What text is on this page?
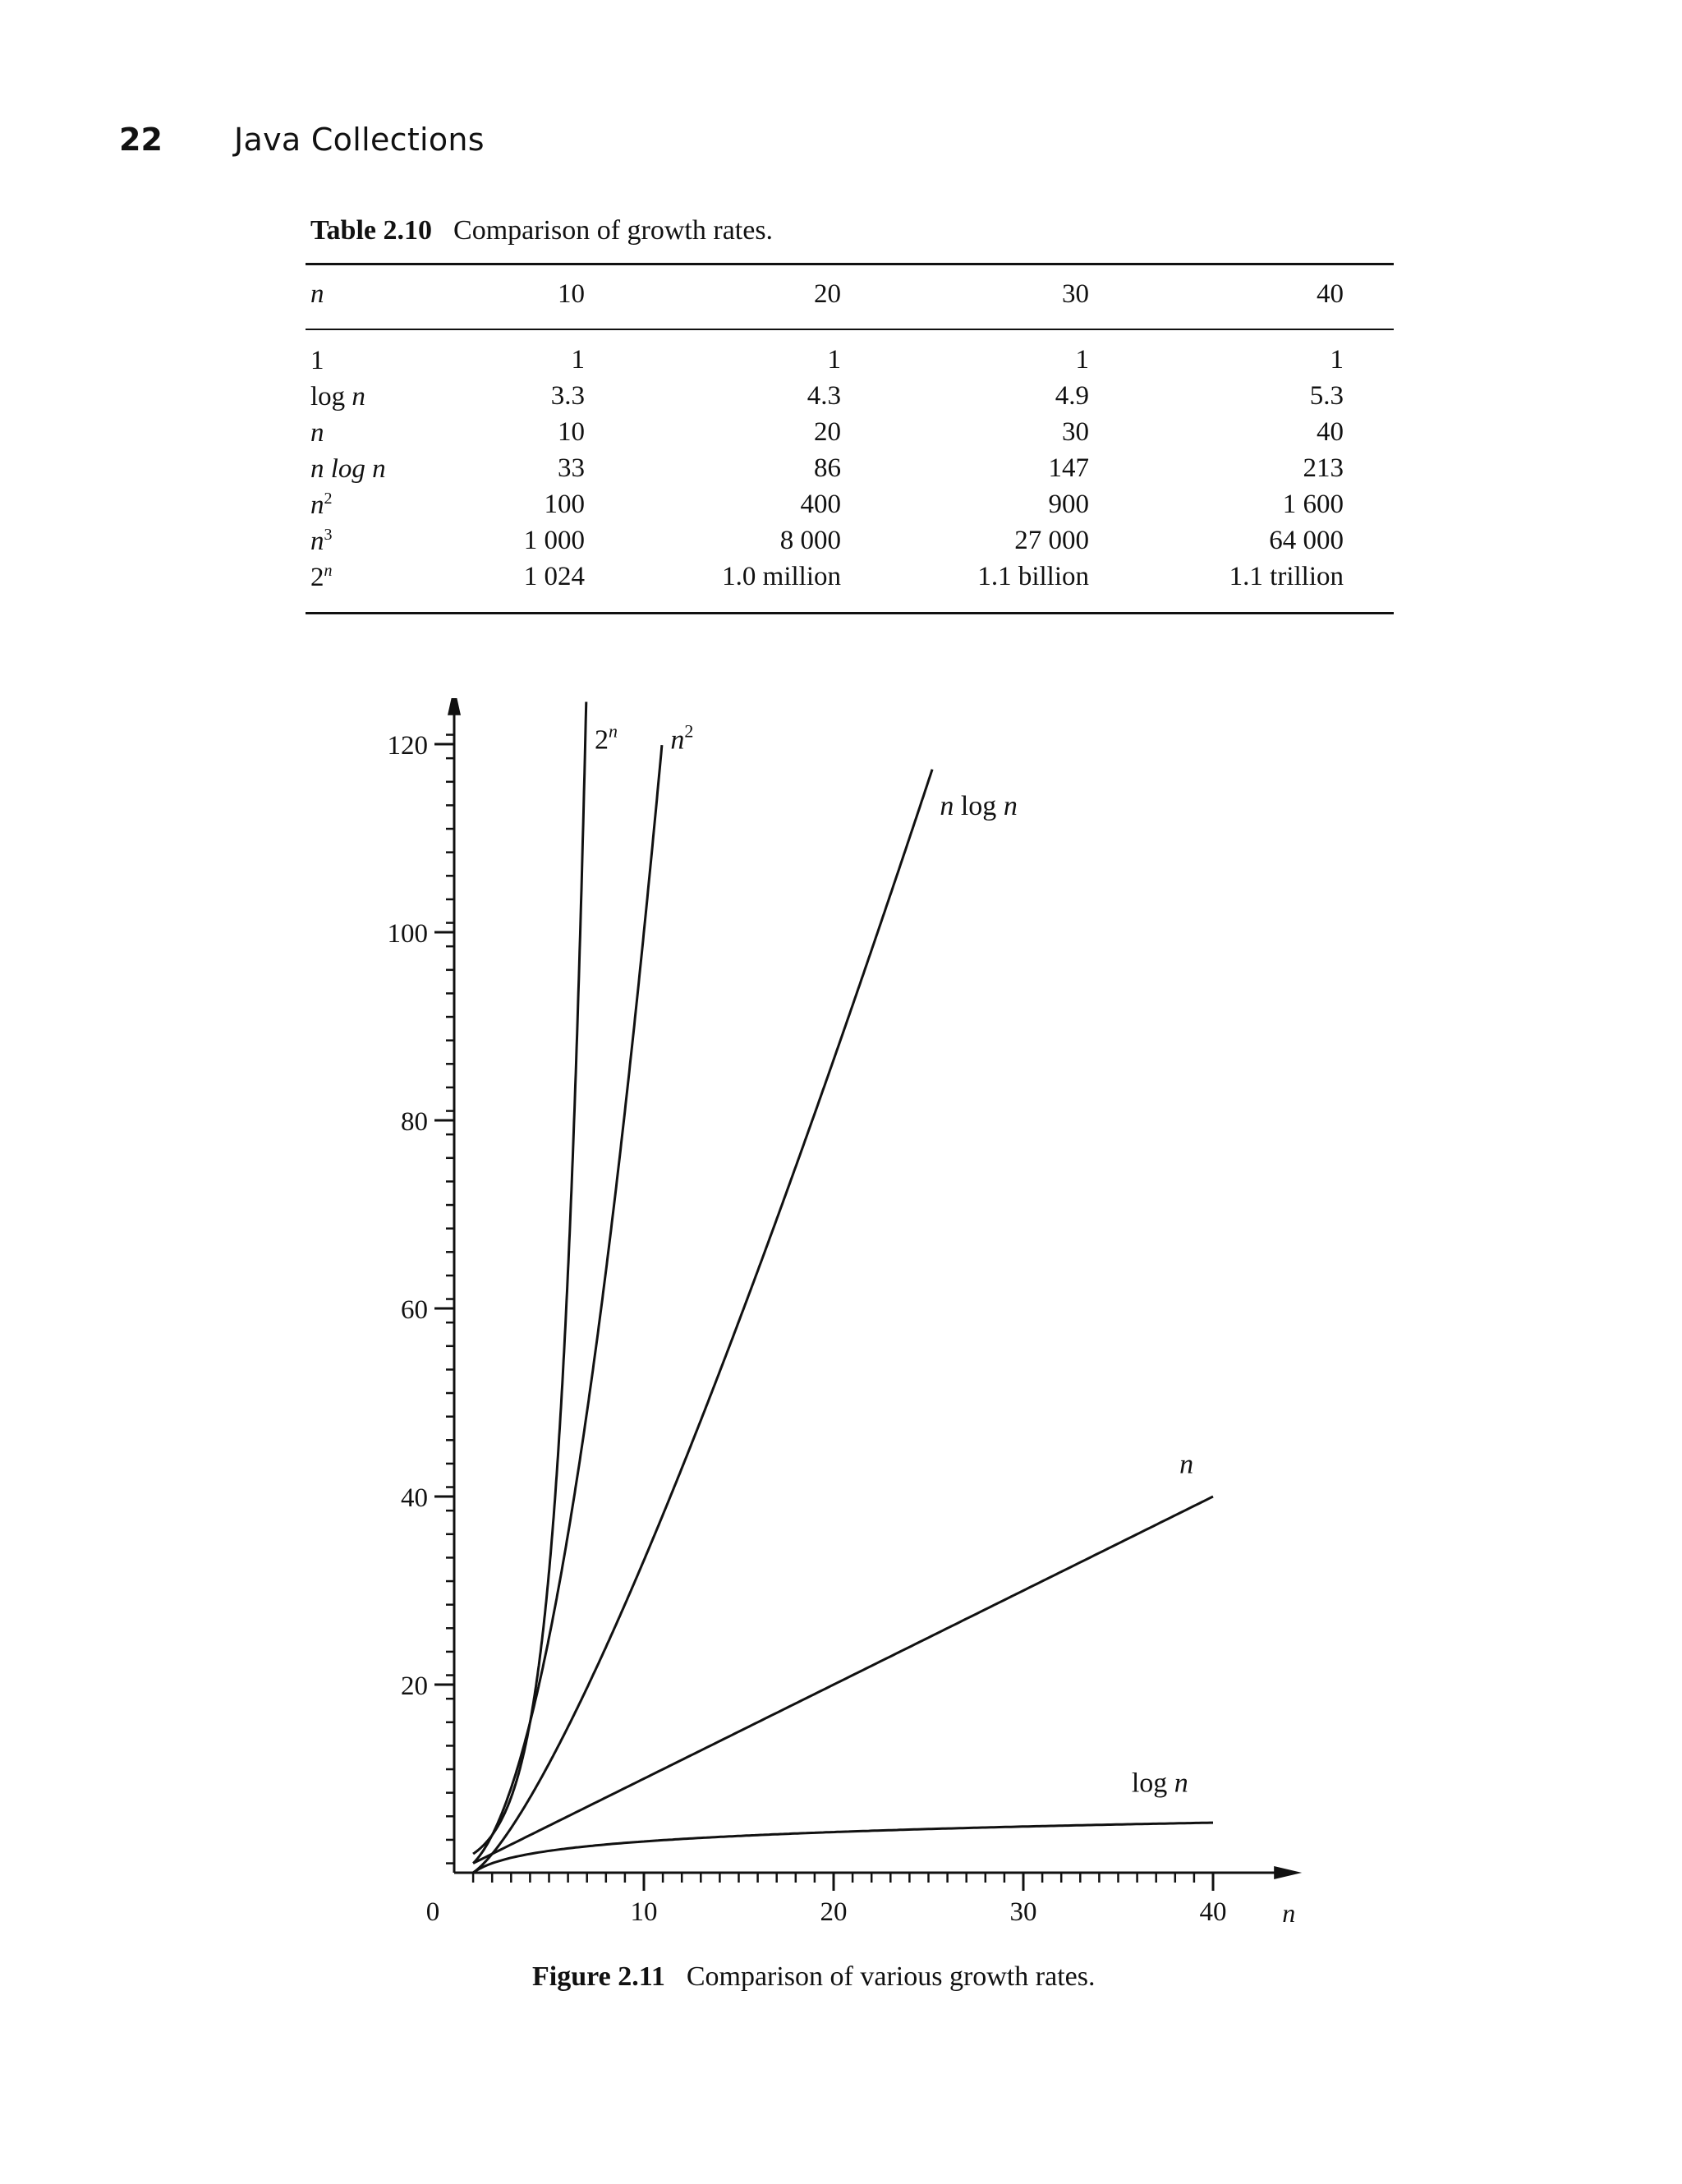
22 Java Collections
Table 2.10 Comparison of growth rates.
n	10	20	30	40
1	1	1	1	1
log n	3.3	4.3	4.9	5.3
n	10	20	30	40
n log n	33	86	147	213
$n^2$	100	400	900	1 600
$n^3$	1 000	8 000	27 000	64 000
2$^n$	1 024	1.0 million	1.1 billion	1.1 trillion
20
40
60
80
100
120
0	10	20	30	40 n
2$^n$ $n^2$
n log n
n
log n
Figure 2.11 Comparison of various growth rates.
